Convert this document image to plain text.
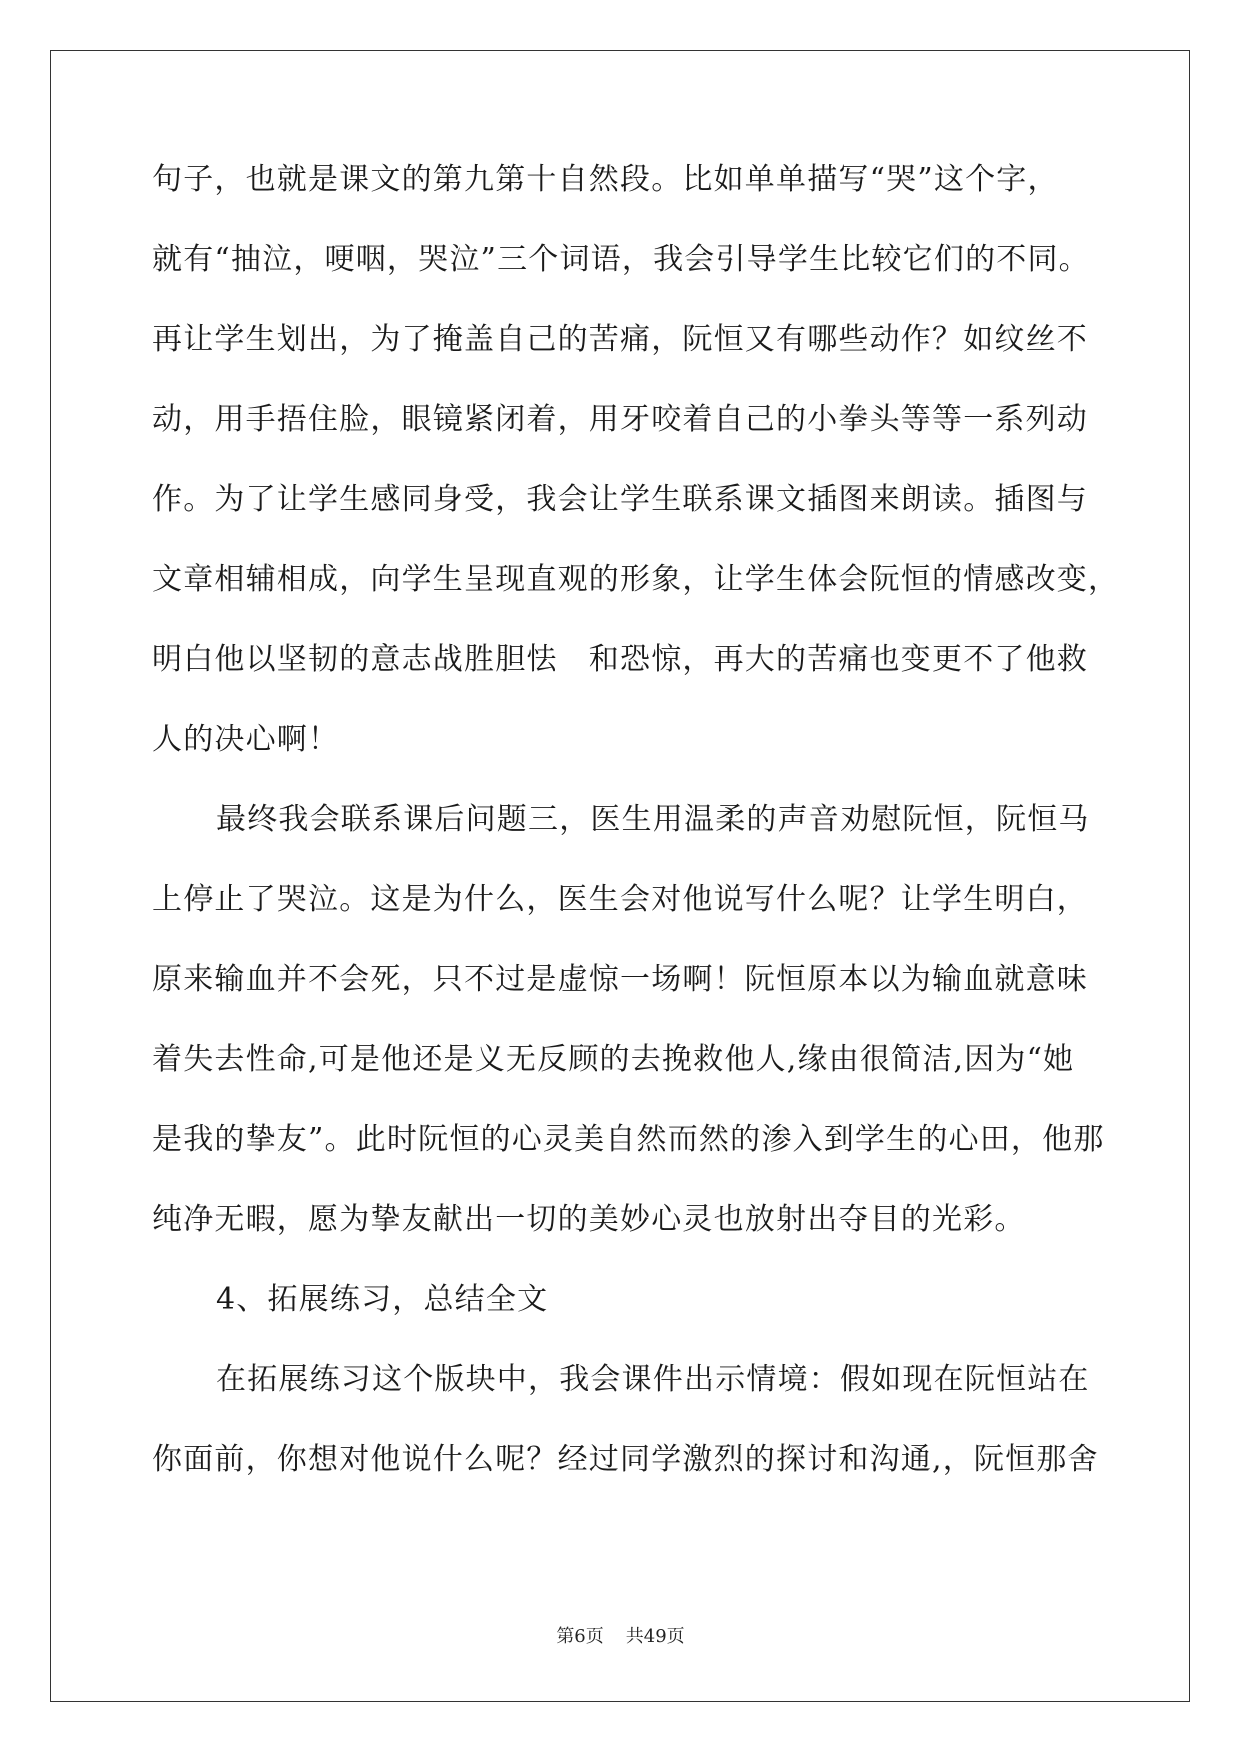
句子，也就是课文的第九第十自然段。比如单单描写“哭”这个字，
就有“抽泣，哽咽，哭泣”三个词语，我会引导学生比较它们的不同。
再让学生划出，为了掩盖自己的苦痛，阮恒又有哪些动作？如纹丝不
动，用手捂住脸，眼镜紧闭着，用牙咬着自己的小拳头等等一系列动
作。为了让学生感同身受，我会让学生联系课文插图来朗读。插图与
文章相辅相成，向学生呈现直观的形象，让学生体会阮恒的情感改变，
明白他以坚韧的意志战胜胆怯　和恐惊，再大的苦痛也变更不了他救
人的决心啊！
最终我会联系课后问题三，医生用温柔的声音劝慰阮恒，阮恒马
上停止了哭泣。这是为什么，医生会对他说写什么呢？让学生明白，
原来输血并不会死，只不过是虚惊一场啊！阮恒原本以为输血就意味
着失去性命,可是他还是义无反顾的去挽救他人,缘由很简洁,因为“她
是我的挚友”。此时阮恒的心灵美自然而然的渗入到学生的心田，他那
纯净无暇，愿为挚友献出一切的美妙心灵也放射出夺目的光彩。
4、拓展练习，总结全文
在拓展练习这个版块中，我会课件出示情境：假如现在阮恒站在
你面前，你想对他说什么呢？经过同学激烈的探讨和沟通,，阮恒那舍
第6页 共49页
